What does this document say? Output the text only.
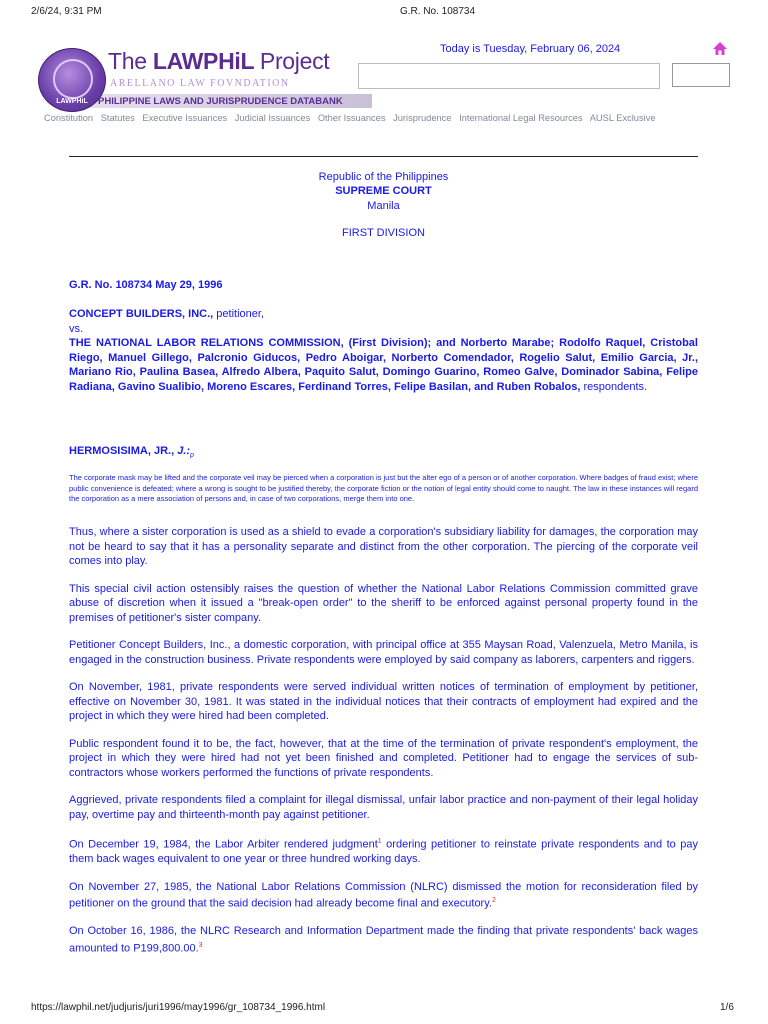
2/6/24, 9:31 PM	G.R. No. 108734
LAWPHiL
The LAWPHiL Project
ARELLANO LAW FOVNDATION
PHILIPPINE LAWS AND JURISPRUDENCE DATABANK
Today is Tuesday, February 06, 2024
Constitution Statutes Executive Issuances Judicial Issuances Other Issuances Jurisprudence International Legal Resources AUSL Exclusive
Republic of the Philippines
SUPREME COURT
Manila
FIRST DIVISION
G.R. No. 108734 May 29, 1996
CONCEPT BUILDERS, INC., petitioner,
vs.
THE NATIONAL LABOR RELATIONS COMMISSION, (First Division); and Norberto Marabe; Rodolfo Raquel, Cristobal Riego, Manuel Gillego, Palcronio Giducos, Pedro Aboigar, Norberto Comendador, Rogelio Salut, Emilio Garcia, Jr., Mariano Rio, Paulina Basea, Alfredo Albera, Paquito Salut, Domingo Guarino, Romeo Galve, Dominador Sabina, Felipe Radiana, Gavino Sualibio, Moreno Escares, Ferdinand Torres, Felipe Basilan, and Ruben Robalos, respondents.
HERMOSISIMA, JR., $J.:_p$
The corporate mask may be lifted and the corporate veil may be pierced when a corporation is just but the alter ego of a person or of another corporation. Where badges of fraud exist; where public convenience is defeated; where a wrong is sought to be justified thereby, the corporate fiction or the notion of legal entity should come to naught. The law in these instances will regard the corporation as a mere association of persons and, in case of two corporations, merge them into one.

Thus, where a sister corporation is used as a shield to evade a corporation's subsidiary liability for damages, the corporation may not be heard to say that it has a personality separate and distinct from the other corporation. The piercing of the corporate veil comes into play.

This special civil action ostensibly raises the question of whether the National Labor Relations Commission committed grave abuse of discretion when it issued a "break-open order" to the sheriff to be enforced against personal property found in the premises of petitioner's sister company.

Petitioner Concept Builders, Inc., a domestic corporation, with principal office at 355 Maysan Road, Valenzuela, Metro Manila, is engaged in the construction business. Private respondents were employed by said company as laborers, carpenters and riggers.

On November, 1981, private respondents were served individual written notices of termination of employment by petitioner, effective on November 30, 1981. It was stated in the individual notices that their contracts of employment had expired and the project in which they were hired had been completed.

Public respondent found it to be, the fact, however, that at the time of the termination of private respondent's employment, the project in which they were hired had not yet been finished and completed. Petitioner had to engage the services of sub-contractors whose workers performed the functions of private respondents.

Aggrieved, private respondents filed a complaint for illegal dismissal, unfair labor practice and non-payment of their legal holiday pay, overtime pay and thirteenth-month pay against petitioner.

On December 19, 1984, the Labor Arbiter rendered judgment$^1$ ordering petitioner to reinstate private respondents and to pay them back wages equivalent to one year or three hundred working days.

On November 27, 1985, the National Labor Relations Commission (NLRC) dismissed the motion for reconsideration filed by petitioner on the ground that the said decision had already become final and executory.$^2$

On October 16, 1986, the NLRC Research and Information Department made the finding that private respondents' back wages amounted to P199,800.00.$^3$

https://lawphil.net/judjuris/juri1996/may1996/gr_108734_1996.html	1/6
